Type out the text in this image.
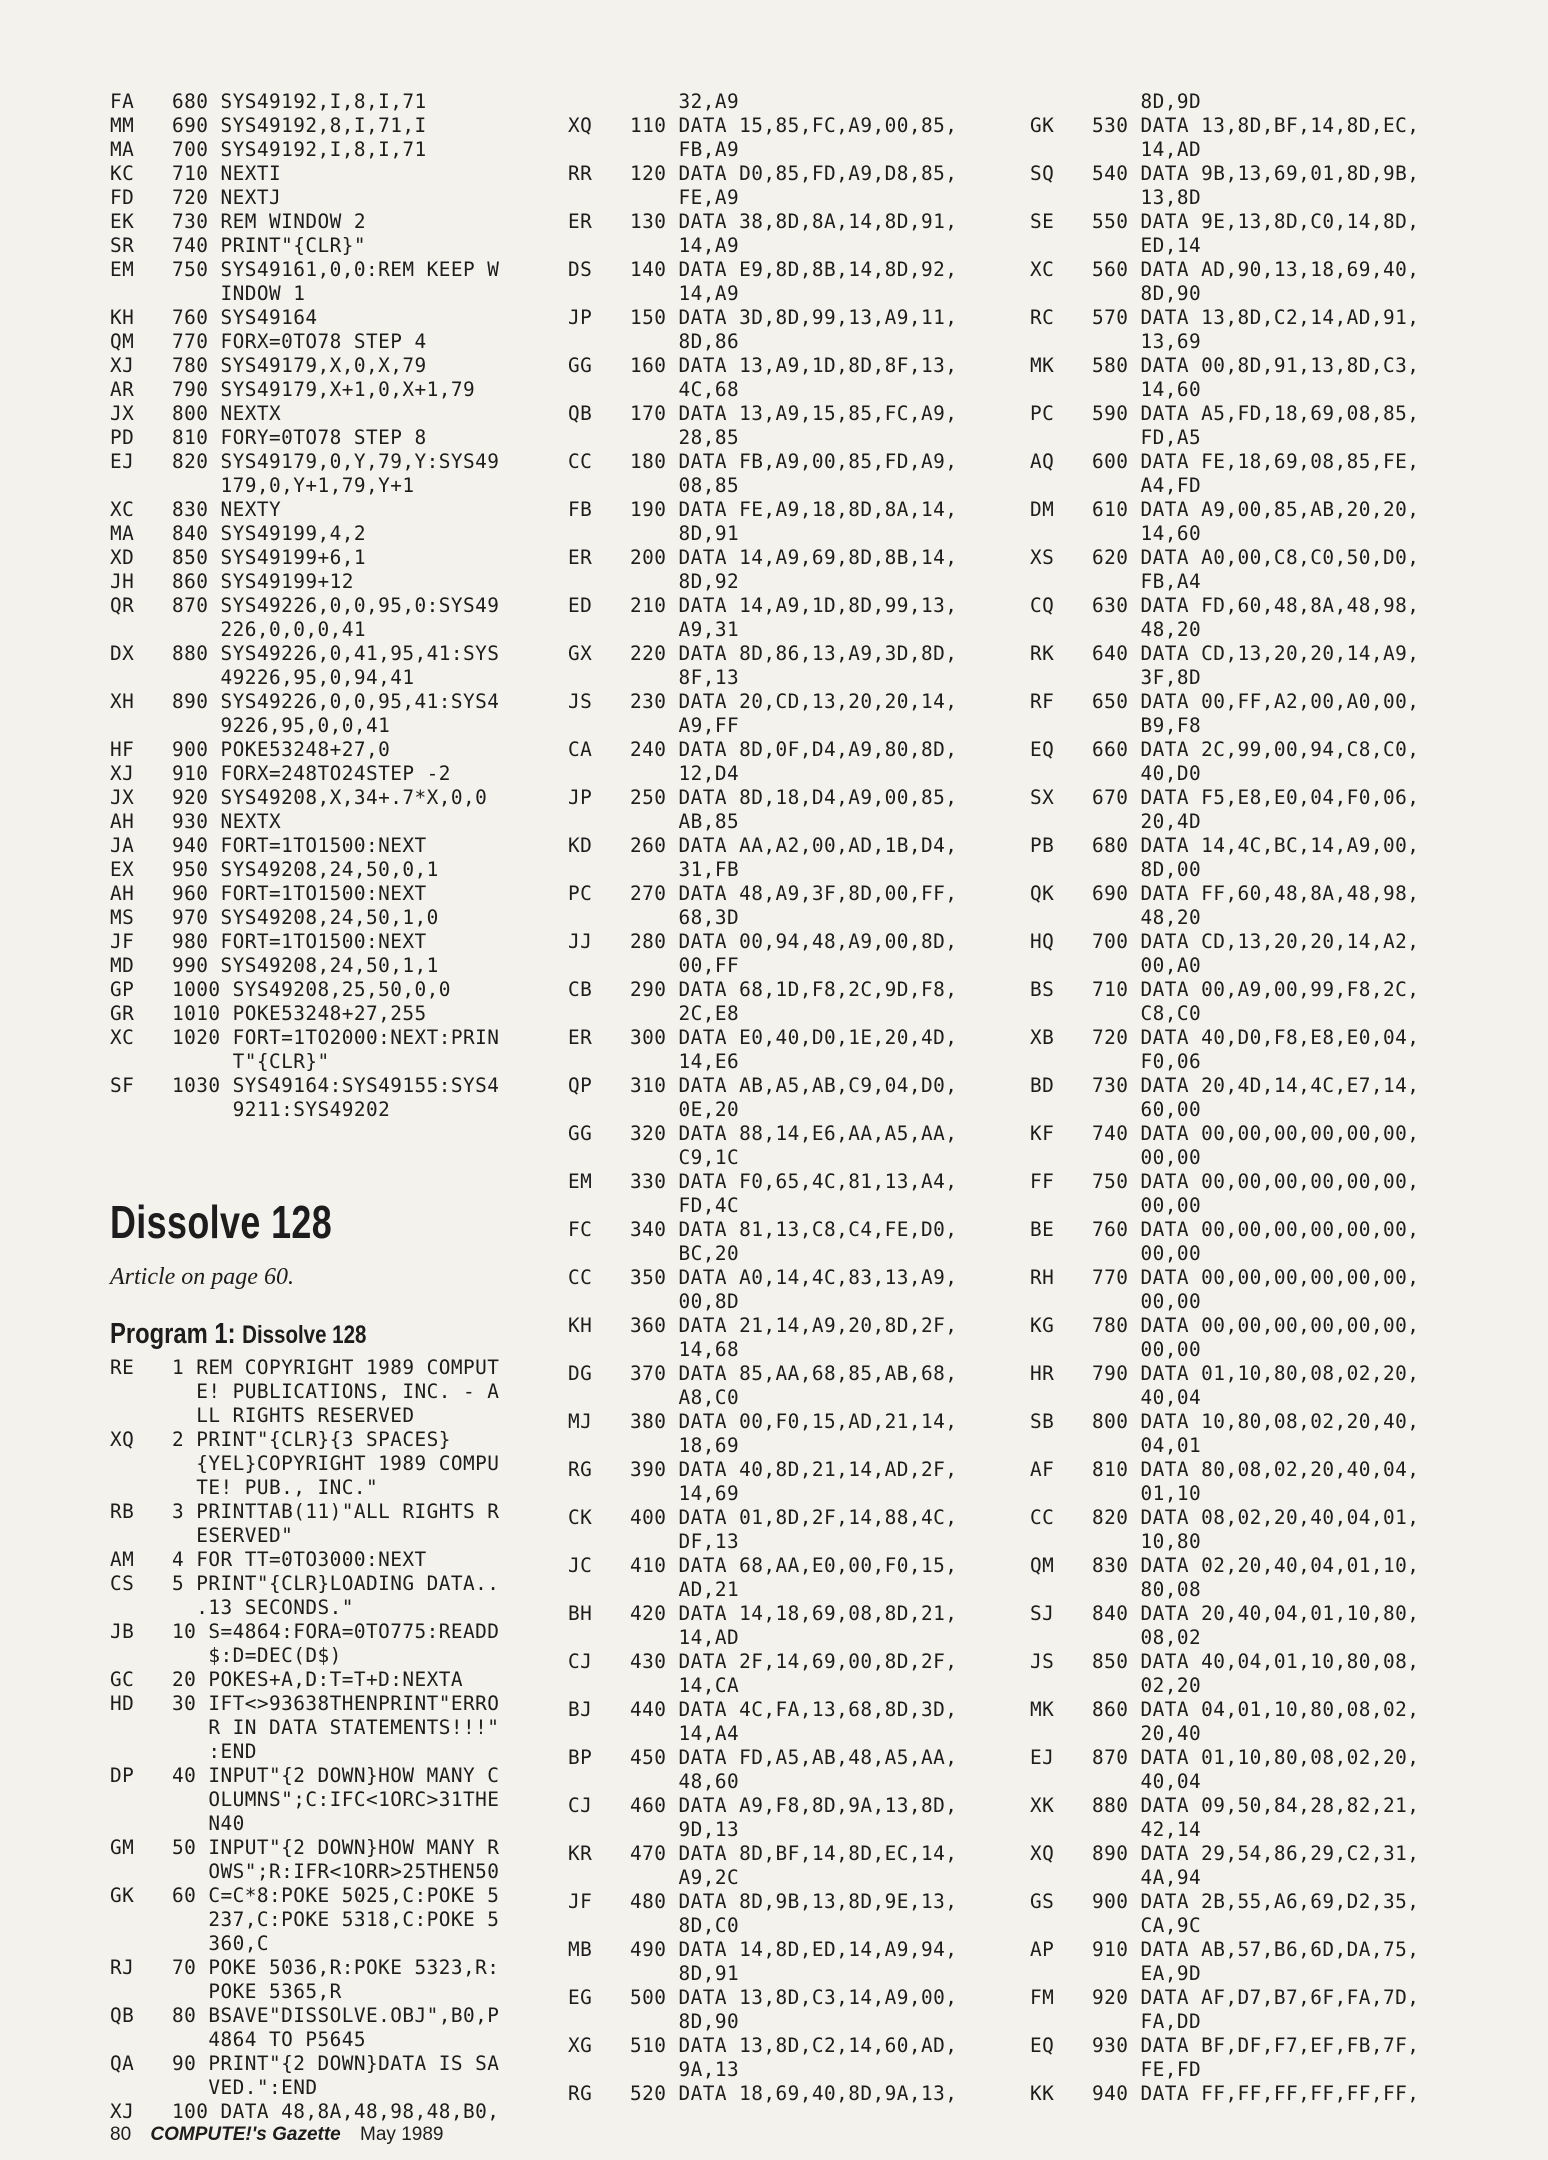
FA 680 SYS49192,I,8,I,71
MM 690 SYS49192,8,I,71,I
MA 700 SYS49192,I,8,I,71
KC 710 NEXTI
FD 720 NEXTJ
EK 730 REM WINDOW 2
SR 740 PRINT"{CLR}"
EM 750 SYS49161,0,0:REM KEEP W
INDOW 1
KH 760 SYS49164
QM 770 FORX=0TO78 STEP 4
XJ 780 SYS49179,X,0,X,79
AR 790 SYS49179,X+1,0,X+1,79
JX 800 NEXTX
PD 810 FORY=0TO78 STEP 8
EJ 820 SYS49179,0,Y,79,Y:SYS49
179,0,Y+1,79,Y+1
XC 830 NEXTY
MA 840 SYS49199,4,2
XD 850 SYS49199+6,1
JH 860 SYS49199+12
QR 870 SYS49226,0,0,95,0:SYS49
226,0,0,0,41
DX 880 SYS49226,0,41,95,41:SYS
49226,95,0,94,41
XH 890 SYS49226,0,0,95,41:SYS4
9226,95,0,0,41
HF 900 POKE53248+27,0
XJ 910 FORX=248TO24STEP -2
JX 920 SYS49208,X,34+.7*X,0,0
AH 930 NEXTX
JA 940 FORT=1TO1500:NEXT
EX 950 SYS49208,24,50,0,1
AH 960 FORT=1TO1500:NEXT
MS 970 SYS49208,24,50,1,0
JF 980 FORT=1TO1500:NEXT
MD 990 SYS49208,24,50,1,1
GP 1000 SYS49208,25,50,0,0
GR 1010 POKE53248+27,255
XC 1020 FORT=1TO2000:NEXT:PRIN
T"{CLR}"
SF 1030 SYS49164:SYS49155:SYS4
9211:SYS49202
Dissolve 128
Article on page 60.
Program 1: Dissolve 128
RE 1 REM COPYRIGHT 1989 COMPUT
E! PUBLICATIONS, INC. - A
LL RIGHTS RESERVED
XQ 2 PRINT"{CLR}{3 SPACES}
{YEL}COPYRIGHT 1989 COMPU
TE! PUB., INC."
RB 3 PRINTTAB(11)"ALL RIGHTS R
ESERVED"
AM 4 FOR TT=0TO3000:NEXT
CS 5 PRINT"{CLR}LOADING DATA..
.13 SECONDS."
JB 10 S=4864:FORA=0TO775:READD
$:D=DEC(D$)
GC 20 POKES+A,D:T=T+D:NEXTA
HD 30 IFT<>93638THENPRINT"ERRO
R IN DATA STATEMENTS!!!"
:END
DP 40 INPUT"{2 DOWN}HOW MANY C
OLUMNS";C:IFC<1ORC>31THE
N40
GM 50 INPUT"{2 DOWN}HOW MANY R
OWS";R:IFR<1ORR>25THEN50
GK 60 C=C*8:POKE 5025,C:POKE 5
237,C:POKE 5318,C:POKE 5
360,C
RJ 70 POKE 5036,R:POKE 5323,R:
POKE 5365,R
QB 80 BSAVE"DISSOLVE.OBJ",B0,P
4864 TO P5645
QA 90 PRINT"{2 DOWN}DATA IS SA
VED.":END
XJ 100 DATA 48,8A,48,98,48,B0,
32,A9
XQ 110 DATA 15,85,FC,A9,00,85,
FB,A9
RR 120 DATA D0,85,FD,A9,D8,85,
FE,A9
ER 130 DATA 38,8D,8A,14,8D,91,
14,A9
DS 140 DATA E9,8D,8B,14,8D,92,
14,A9
JP 150 DATA 3D,8D,99,13,A9,11,
8D,86
GG 160 DATA 13,A9,1D,8D,8F,13,
4C,68
QB 170 DATA 13,A9,15,85,FC,A9,
28,85
CC 180 DATA FB,A9,00,85,FD,A9,
08,85
FB 190 DATA FE,A9,18,8D,8A,14,
8D,91
ER 200 DATA 14,A9,69,8D,8B,14,
8D,92
ED 210 DATA 14,A9,1D,8D,99,13,
A9,31
GX 220 DATA 8D,86,13,A9,3D,8D,
8F,13
JS 230 DATA 20,CD,13,20,20,14,
A9,FF
CA 240 DATA 8D,0F,D4,A9,80,8D,
12,D4
JP 250 DATA 8D,18,D4,A9,00,85,
AB,85
KD 260 DATA AA,A2,00,AD,1B,D4,
31,FB
PC 270 DATA 48,A9,3F,8D,00,FF,
68,3D
JJ 280 DATA 00,94,48,A9,00,8D,
00,FF
CB 290 DATA 68,1D,F8,2C,9D,F8,
2C,E8
ER 300 DATA E0,40,D0,1E,20,4D,
14,E6
QP 310 DATA AB,A5,AB,C9,04,D0,
0E,20
GG 320 DATA 88,14,E6,AA,A5,AA,
C9,1C
EM 330 DATA F0,65,4C,81,13,A4,
FD,4C
FC 340 DATA 81,13,C8,C4,FE,D0,
BC,20
CC 350 DATA A0,14,4C,83,13,A9,
00,8D
KH 360 DATA 21,14,A9,20,8D,2F,
14,68
DG 370 DATA 85,AA,68,85,AB,68,
A8,C0
MJ 380 DATA 00,F0,15,AD,21,14,
18,69
RG 390 DATA 40,8D,21,14,AD,2F,
14,69
CK 400 DATA 01,8D,2F,14,88,4C,
DF,13
JC 410 DATA 68,AA,E0,00,F0,15,
AD,21
BH 420 DATA 14,18,69,08,8D,21,
14,AD
CJ 430 DATA 2F,14,69,00,8D,2F,
14,CA
BJ 440 DATA 4C,FA,13,68,8D,3D,
14,A4
BP 450 DATA FD,A5,AB,48,A5,AA,
48,60
CJ 460 DATA A9,F8,8D,9A,13,8D,
9D,13
KR 470 DATA 8D,BF,14,8D,EC,14,
A9,2C
JF 480 DATA 8D,9B,13,8D,9E,13,
8D,C0
MB 490 DATA 14,8D,ED,14,A9,94,
8D,91
EG 500 DATA 13,8D,C3,14,A9,00,
8D,90
XG 510 DATA 13,8D,C2,14,60,AD,
9A,13
RG 520 DATA 18,69,40,8D,9A,13,
8D,9D
GK 530 DATA 13,8D,BF,14,8D,EC,
14,AD
SQ 540 DATA 9B,13,69,01,8D,9B,
13,8D
SE 550 DATA 9E,13,8D,C0,14,8D,
ED,14
XC 560 DATA AD,90,13,18,69,40,
8D,90
RC 570 DATA 13,8D,C2,14,AD,91,
13,69
MK 580 DATA 00,8D,91,13,8D,C3,
14,60
PC 590 DATA A5,FD,18,69,08,85,
FD,A5
AQ 600 DATA FE,18,69,08,85,FE,
A4,FD
DM 610 DATA A9,00,85,AB,20,20,
14,60
XS 620 DATA A0,00,C8,C0,50,D0,
FB,A4
CQ 630 DATA FD,60,48,8A,48,98,
48,20
RK 640 DATA CD,13,20,20,14,A9,
3F,8D
RF 650 DATA 00,FF,A2,00,A0,00,
B9,F8
EQ 660 DATA 2C,99,00,94,C8,C0,
40,D0
SX 670 DATA F5,E8,E0,04,F0,06,
20,4D
PB 680 DATA 14,4C,BC,14,A9,00,
8D,00
QK 690 DATA FF,60,48,8A,48,98,
48,20
HQ 700 DATA CD,13,20,20,14,A2,
00,A0
BS 710 DATA 00,A9,00,99,F8,2C,
C8,C0
XB 720 DATA 40,D0,F8,E8,E0,04,
F0,06
BD 730 DATA 20,4D,14,4C,E7,14,
60,00
KF 740 DATA 00,00,00,00,00,00,
00,00
FF 750 DATA 00,00,00,00,00,00,
00,00
BE 760 DATA 00,00,00,00,00,00,
00,00
RH 770 DATA 00,00,00,00,00,00,
00,00
KG 780 DATA 00,00,00,00,00,00,
00,00
HR 790 DATA 01,10,80,08,02,20,
40,04
SB 800 DATA 10,80,08,02,20,40,
04,01
AF 810 DATA 80,08,02,20,40,04,
01,10
CC 820 DATA 08,02,20,40,04,01,
10,80
QM 830 DATA 02,20,40,04,01,10,
80,08
SJ 840 DATA 20,40,04,01,10,80,
08,02
JS 850 DATA 40,04,01,10,80,08,
02,20
MK 860 DATA 04,01,10,80,08,02,
20,40
EJ 870 DATA 01,10,80,08,02,20,
40,04
XK 880 DATA 09,50,84,28,82,21,
42,14
XQ 890 DATA 29,54,86,29,C2,31,
4A,94
GS 900 DATA 2B,55,A6,69,D2,35,
CA,9C
AP 910 DATA AB,57,B6,6D,DA,75,
EA,9D
FM 920 DATA AF,D7,B7,6F,FA,7D,
FA,DD
EQ 930 DATA BF,DF,F7,EF,FB,7F,
FE,FD
KK 940 DATA FF,FF,FF,FF,FF,FF,
80 COMPUTE!'s Gazette May 1989
